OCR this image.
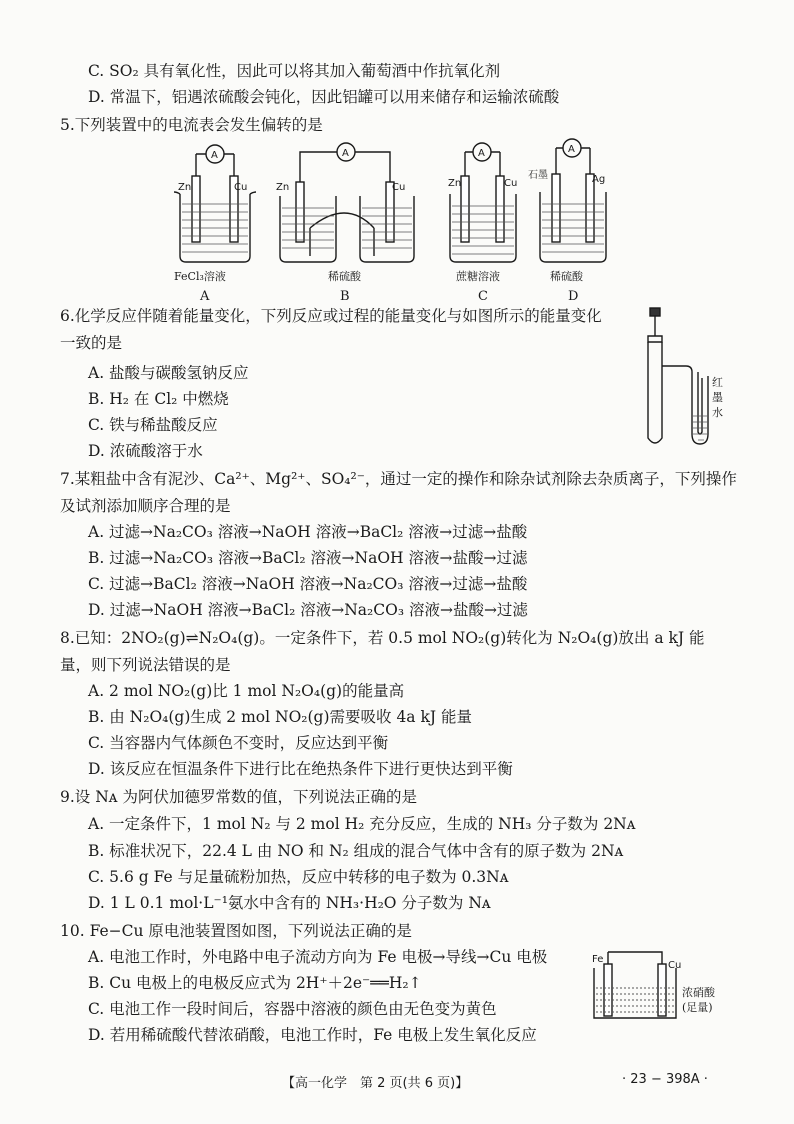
C. SO₂ 具有氧化性，因此可以将其加入葡萄酒中作抗氧化剂
D. 常温下，铝遇浓硫酸会钝化，因此铝罐可以用来储存和运输浓硫酸
5.下列装置中的电流表会发生偏转的是
A	A	A	A
Zn	Cu	Zn	Cu	Zn	Cu
石墨	Ag
FeCl₃溶液	稀硫酸	蔗糖溶液	稀硫酸
A	B	C	D
6.化学反应伴随着能量变化，下列反应或过程的能量变化与如图所示的能量变化
一致的是
A. 盐酸与碳酸氢钠反应
B. H₂ 在 Cl₂ 中燃烧
C. 铁与稀盐酸反应
D. 浓硫酸溶于水
红
墨
水
7.某粗盐中含有泥沙、Ca²⁺、Mg²⁺、SO₄²⁻，通过一定的操作和除杂试剂除去杂质离子，下列操作
及试剂添加顺序合理的是
A. 过滤→Na₂CO₃ 溶液→NaOH 溶液→BaCl₂ 溶液→过滤→盐酸
B. 过滤→Na₂CO₃ 溶液→BaCl₂ 溶液→NaOH 溶液→盐酸→过滤
C. 过滤→BaCl₂ 溶液→NaOH 溶液→Na₂CO₃ 溶液→过滤→盐酸
D. 过滤→NaOH 溶液→BaCl₂ 溶液→Na₂CO₃ 溶液→盐酸→过滤
8.已知：2NO₂(g)⇌N₂O₄(g)。一定条件下，若 0.5 mol NO₂(g)转化为 N₂O₄(g)放出 a kJ 能
量，则下列说法错误的是
A. 2 mol NO₂(g)比 1 mol N₂O₄(g)的能量高
B. 由 N₂O₄(g)生成 2 mol NO₂(g)需要吸收 4a kJ 能量
C. 当容器内气体颜色不变时，反应达到平衡
D. 该反应在恒温条件下进行比在绝热条件下进行更快达到平衡
9.设 Nᴀ 为阿伏加德罗常数的值，下列说法正确的是
A. 一定条件下，1 mol N₂ 与 2 mol H₂ 充分反应，生成的 NH₃ 分子数为 2Nᴀ
B. 标准状况下，22.4 L 由 NO 和 N₂ 组成的混合气体中含有的原子数为 2Nᴀ
C. 5.6 g Fe 与足量硫粉加热，反应中转移的电子数为 0.3Nᴀ
D. 1 L 0.1 mol·L⁻¹氨水中含有的 NH₃·H₂O 分子数为 Nᴀ
10. Fe−Cu 原电池装置图如图，下列说法正确的是
A. 电池工作时，外电路中电子流动方向为 Fe 电极→导线→Cu 电极
B. Cu 电极上的电极反应式为 2H⁺＋2e⁻══H₂↑
C. 电池工作一段时间后，容器中溶液的颜色由无色变为黄色
D. 若用稀硫酸代替浓硝酸，电池工作时，Fe 电极上发生氧化反应
Fe
Cu
浓硝酸
(足量)
【高一化学　第 2 页(共 6 页)】	· 23 − 398A ·
